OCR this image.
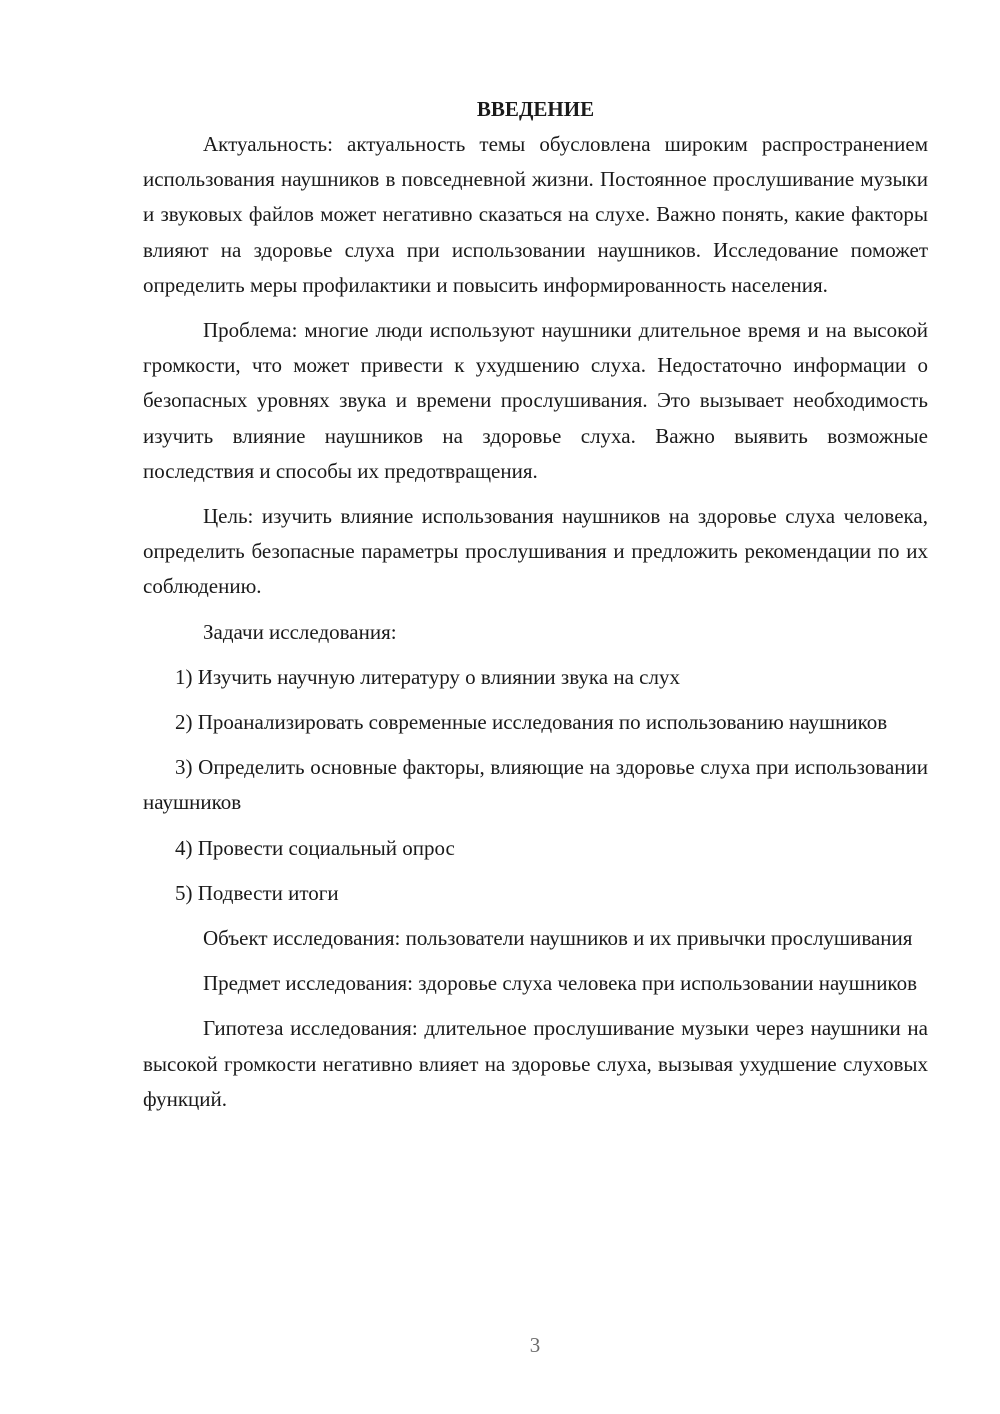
ВВЕДЕНИЕ

Актуальность: актуальность темы обусловлена широким распространением использования наушников в повседневной жизни. Постоянное прослушивание музыки и звуковых файлов может негативно сказаться на слухе. Важно понять, какие факторы влияют на здоровье слуха при использовании наушников. Исследование поможет определить меры профилактики и повысить информированность населения.

Проблема: многие люди используют наушники длительное время и на высокой громкости, что может привести к ухудшению слуха. Недостаточно информации о безопасных уровнях звука и времени прослушивания. Это вызывает необходимость изучить влияние наушников на здоровье слуха. Важно выявить возможные последствия и способы их предотвращения.

Цель: изучить влияние использования наушников на здоровье слуха человека, определить безопасные параметры прослушивания и предложить рекомендации по их соблюдению.

Задачи исследования:

1) Изучить научную литературу о влиянии звука на слух

2) Проанализировать современные исследования по использованию наушников

3) Определить основные факторы, влияющие на здоровье слуха при использовании наушников

4) Провести социальный опрос

5) Подвести итоги

Объект исследования: пользователи наушников и их привычки прослушивания

Предмет исследования: здоровье слуха человека при использовании наушников

Гипотеза исследования: длительное прослушивание музыки через наушники на высокой громкости негативно влияет на здоровье слуха, вызывая ухудшение слуховых функций.

3
